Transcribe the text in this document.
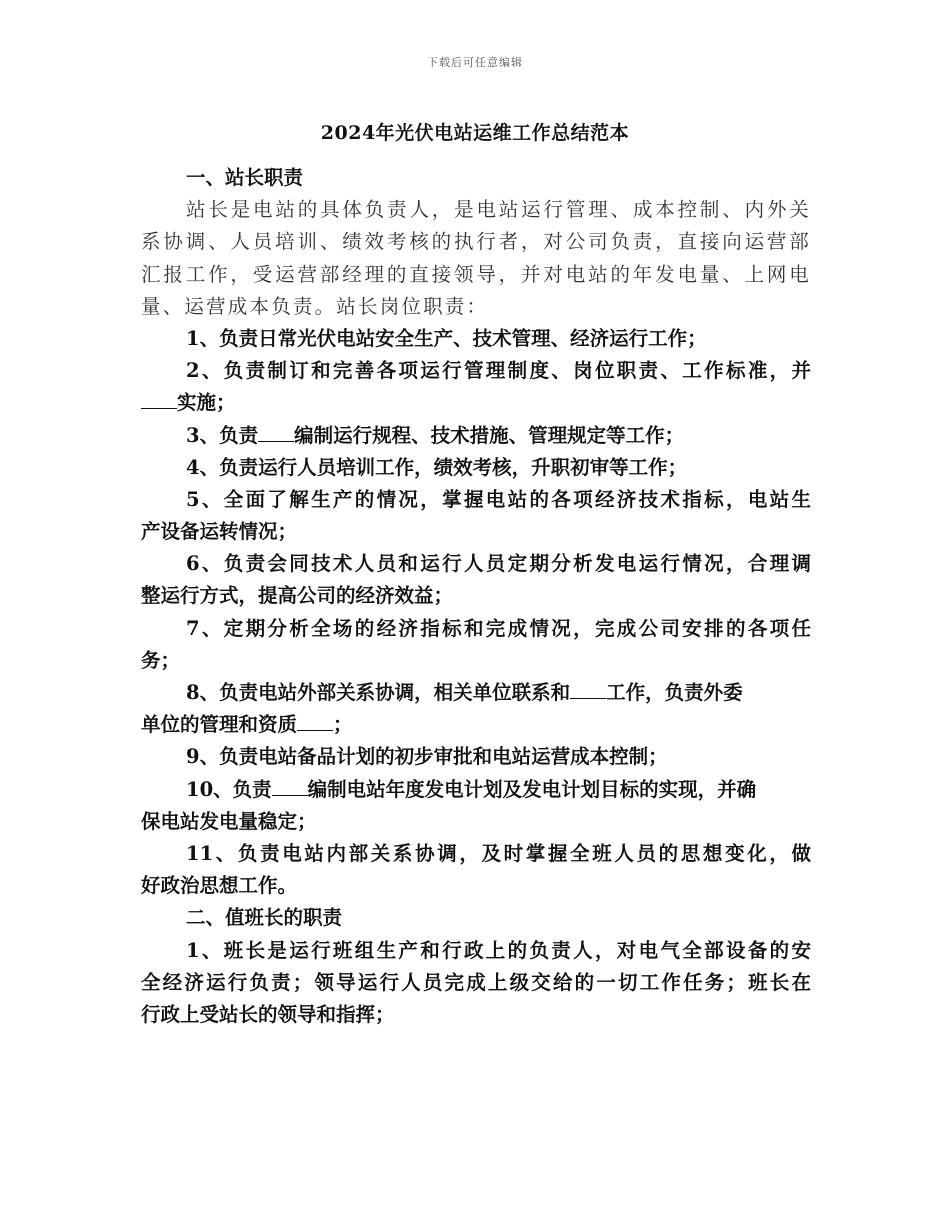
下载后可任意编辑
2024年光伏电站运维工作总结范本
一、站长职责
站长是电站的具体负责人，是电站运行管理、成本控制、内外关
系协调、人员培训、绩效考核的执行者，对公司负责，直接向运营部
汇报工作，受运营部经理的直接领导，并对电站的年发电量、上网电
量、运营成本负责。站长岗位职责：
1、负责日常光伏电站安全生产、技术管理、经济运行工作；
2、负责制订和完善各项运行管理制度、岗位职责、工作标准，并
实施；
3、负责 编制运行规程、技术措施、管理规定等工作；
4、负责运行人员培训工作，绩效考核，升职初审等工作；
5、全面了解生产的情况，掌握电站的各项经济技术指标，电站生
产设备运转情况；
6、负责会同技术人员和运行人员定期分析发电运行情况，合理调
整运行方式，提高公司的经济效益；
7、定期分析全场的经济指标和完成情况，完成公司安排的各项任
务；
8、负责电站外部关系协调，相关单位联系和 工作，负责外委
单位的管理和资质 ；
9、负责电站备品计划的初步审批和电站运营成本控制；
10、负责 编制电站年度发电计划及发电计划目标的实现，并确
保电站发电量稳定；
11、负责电站内部关系协调，及时掌握全班人员的思想变化，做
好政治思想工作。
二、值班长的职责
1、班长是运行班组生产和行政上的负责人，对电气全部设备的安
全经济运行负责；领导运行人员完成上级交给的一切工作任务；班长在
行政上受站长的领导和指挥；
